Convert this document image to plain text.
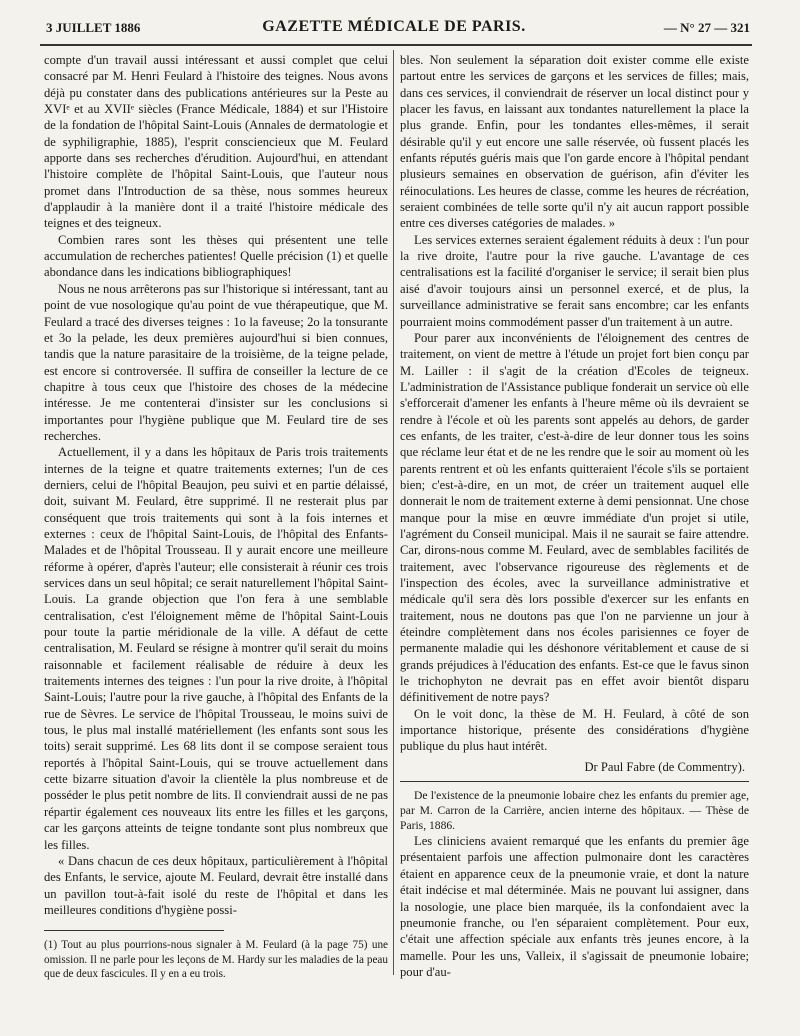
3 JUILLET 1886	GAZETTE MÉDICALE DE PARIS.	— N° 27 — 321

compte d'un travail aussi intéressant et aussi complet que celui consacré par M. Henri Feulard à l'histoire des teignes. Nous avons déjà pu constater dans des publications antérieures sur la Peste au XVIᵉ et au XVIIᵉ siècles (France Médicale, 1884) et sur l'Histoire de la fondation de l'hôpital Saint-Louis (Annales de dermatologie et de syphiligraphie, 1885), l'esprit consciencieux que M. Feulard apporte dans ses recherches d'érudition. Aujourd'hui, en attendant l'histoire complète de l'hôpital Saint-Louis, que l'auteur nous promet dans l'Introduction de sa thèse, nous sommes heureux d'applaudir à la manière dont il a traité l'histoire médicale des teignes et des teigneux.

Combien rares sont les thèses qui présentent une telle accumulation de recherches patientes! Quelle précision (1) et quelle abondance dans les indications bibliographiques!

Nous ne nous arrêterons pas sur l'historique si intéressant, tant au point de vue nosologique qu'au point de vue thérapeutique, que M. Feulard a tracé des diverses teignes : 1o la faveuse; 2o la tonsurante et 3o la pelade, les deux premières aujourd'hui si bien connues, tandis que la nature parasitaire de la troisième, de la teigne pelade, est encore si controversée. Il suffira de conseiller la lecture de ce chapitre à tous ceux que l'histoire des choses de la médecine intéresse. Je me contenterai d'insister sur les conclusions si importantes pour l'hygiène publique que M. Feulard tire de ses recherches.

Actuellement, il y a dans les hôpitaux de Paris trois traitements internes de la teigne et quatre traitements externes; l'un de ces derniers, celui de l'hôpital Beaujon, peu suivi et en partie délaissé, doit, suivant M. Feulard, être supprimé. Il ne resterait plus par conséquent que trois traitements qui sont à la fois internes et externes : ceux de l'hôpital Saint-Louis, de l'hôpital des Enfants-Malades et de l'hôpital Trousseau. Il y aurait encore une meilleure réforme à opérer, d'après l'auteur; elle consisterait à réunir ces trois services dans un seul hôpital; ce serait naturellement l'hôpital Saint-Louis. La grande objection que l'on fera à une semblable centralisation, c'est l'éloignement même de l'hôpital Saint-Louis pour toute la partie méridionale de la ville. A défaut de cette centralisation, M. Feulard se résigne à montrer qu'il serait du moins raisonnable et facilement réalisable de réduire à deux les traitements internes des teignes : l'un pour la rive droite, à l'hôpital Saint-Louis; l'autre pour la rive gauche, à l'hôpital des Enfants de la rue de Sèvres. Le service de l'hôpital Trousseau, le moins suivi de tous, le plus mal installé matériellement (les enfants sont sous les toits) serait supprimé. Les 68 lits dont il se compose seraient tous reportés à l'hôpital Saint-Louis, qui se trouve actuellement dans cette bizarre situation d'avoir la clientèle la plus nombreuse et de posséder le plus petit nombre de lits. Il conviendrait aussi de ne pas répartir également ces nouveaux lits entre les filles et les garçons, car les garçons atteints de teigne tondante sont plus nombreux que les filles.

« Dans chacun de ces deux hôpitaux, particulièrement à l'hôpital des Enfants, le service, ajoute M. Feulard, devrait être installé dans un pavillon tout-à-fait isolé du reste de l'hôpital et dans les meilleures conditions d'hygiène possi-

(1) Tout au plus pourrions-nous signaler à M. Feulard (à la page 75) une omission. Il ne parle pour les leçons de M. Hardy sur les maladies de la peau que de deux fascicules. Il y en a eu trois.

bles. Non seulement la séparation doit exister comme elle existe partout entre les services de garçons et les services de filles; mais, dans ces services, il conviendrait de réserver un local distinct pour y placer les favus, en laissant aux tondantes naturellement la place la plus grande. Enfin, pour les tondantes elles-mêmes, il serait désirable qu'il y eut encore une salle réservée, où fussent placés les enfants réputés guéris mais que l'on garde encore à l'hôpital pendant plusieurs semaines en observation de guérison, afin d'éviter les réinoculations. Les heures de classe, comme les heures de récréation, seraient combinées de telle sorte qu'il n'y ait aucun rapport possible entre ces diverses catégories de malades. »

Les services externes seraient également réduits à deux : l'un pour la rive droite, l'autre pour la rive gauche. L'avantage de ces centralisations est la facilité d'organiser le service; il serait bien plus aisé d'avoir toujours ainsi un personnel exercé, et de plus, la surveillance administrative se ferait sans encombre; car les enfants pourraient moins commodément passer d'un traitement à un autre.

Pour parer aux inconvénients de l'éloignement des centres de traitement, on vient de mettre à l'étude un projet fort bien conçu par M. Lailler : il s'agit de la création d'Ecoles de teigneux. L'administration de l'Assistance publique fonderait un service où elle s'efforcerait d'amener les enfants à l'heure même où ils devraient se rendre à l'école et où les parents sont appelés au dehors, de garder ces enfants, de les traiter, c'est-à-dire de leur donner tous les soins que réclame leur état et de ne les rendre que le soir au moment où les parents rentrent et où les enfants quitteraient l'école s'ils se portaient bien; c'est-à-dire, en un mot, de créer un traitement auquel elle donnerait le nom de traitement externe à demi pensionnat. Une chose manque pour la mise en œuvre immédiate d'un projet si utile, l'agrément du Conseil municipal. Mais il ne saurait se faire attendre. Car, dirons-nous comme M. Feulard, avec de semblables facilités de traitement, avec l'observance rigoureuse des règlements et de l'inspection des écoles, avec la surveillance administrative et médicale qu'il sera dès lors possible d'exercer sur les enfants en traitement, nous ne doutons pas que l'on ne parvienne un jour à éteindre complètement dans nos écoles parisiennes ce foyer de permanente maladie qui les déshonore véritablement et cause de si grands préjudices à l'éducation des enfants. Est-ce que le favus sinon le trichophyton ne devrait pas en effet avoir bientôt disparu définitivement de notre pays?

On le voit donc, la thèse de M. H. Feulard, à côté de son importance historique, présente des considérations d'hygiène publique du plus haut intérêt.

Dr Paul Fabre (de Commentry).

De l'existence de la pneumonie lobaire chez les enfants du premier age, par M. Carron de la Carrière, ancien interne des hôpitaux. — Thèse de Paris, 1886.

Les cliniciens avaient remarqué que les enfants du premier âge présentaient parfois une affection pulmonaire dont les caractères étaient en apparence ceux de la pneumonie vraie, et dont la nature était indécise et mal déterminée. Mais ne pouvant lui assigner, dans la nosologie, une place bien marquée, ils la confondaient avec la pneumonie franche, ou l'en séparaient complètement. Pour eux, c'était une affection spéciale aux enfants très jeunes encore, à la mamelle. Pour les uns, Valleix, il s'agissait de pneumonie lobaire; pour d'au-
